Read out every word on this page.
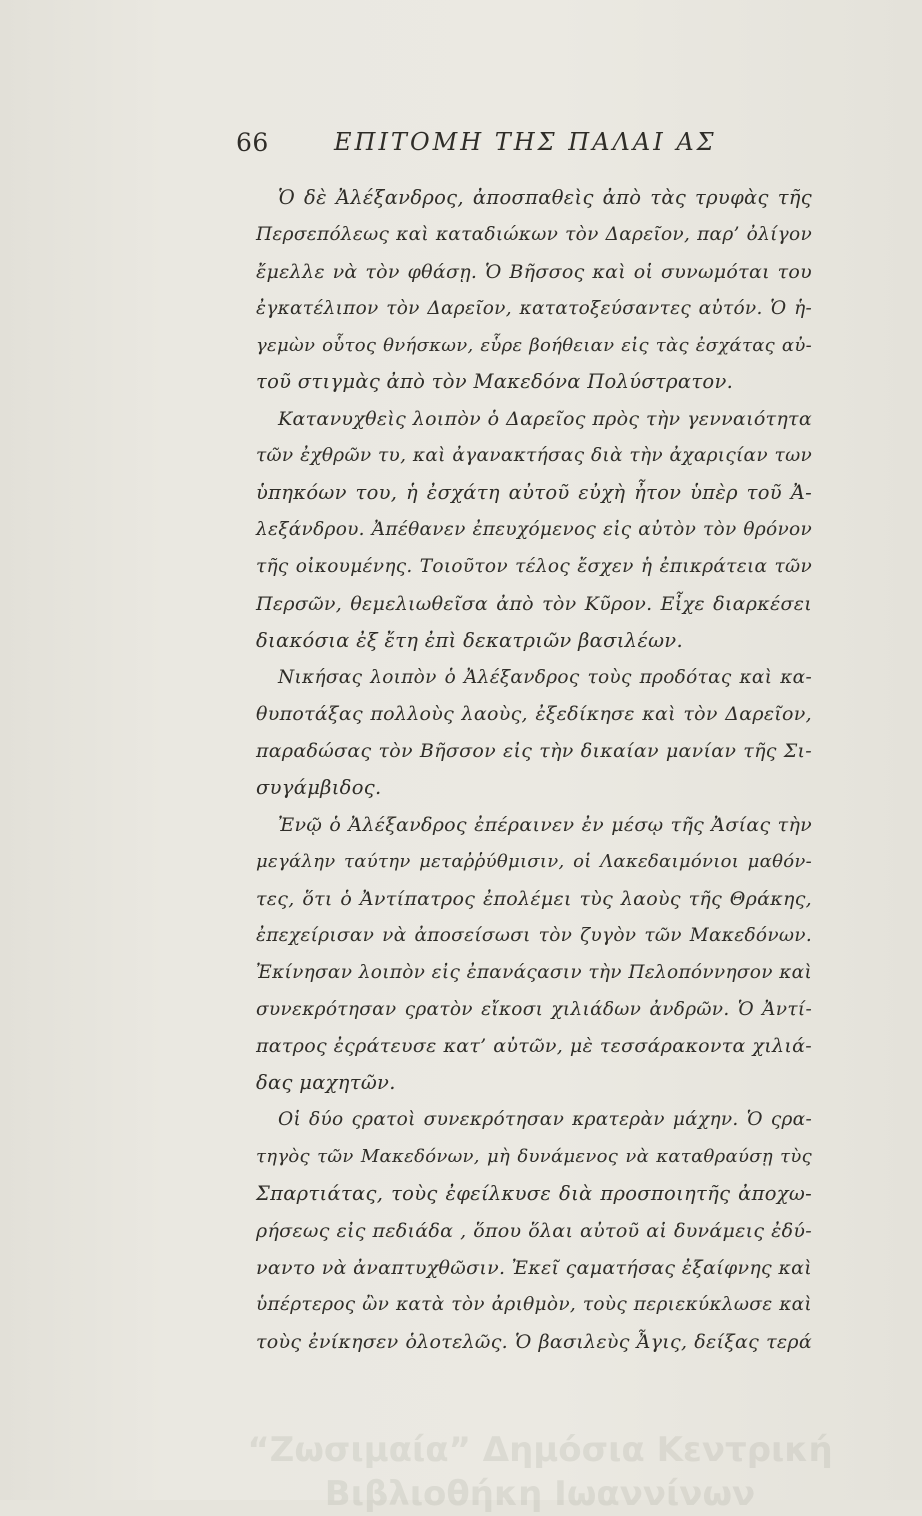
66	ΕΠΙΤΟΜΗ ΤΗΣ ΠΑΛΑΙ ΑΣ
Ὁ δὲ Ἀλέξανδρος, ἀποσπαθεὶς ἀπὸ τὰς τρυφὰς τῆς
Περσεπόλεως καὶ καταδιώκων τὸν Δαρεῖον, παρ’ ὀλίγον
ἔμελλε νὰ τὸν φθάσῃ. Ὁ Βῆσσος καὶ οἱ συνωμόται του
ἐγκατέλιπον τὸν Δαρεῖον, κατατοξεύσαντες αὐτόν. Ὁ ἡ-
γεμὼν οὗτος θνήσκων, εὗρε βοήθειαν εἰς τὰς ἐσχάτας αὐ-
τοῦ στιγμὰς ἀπὸ τὸν Μακεδόνα Πολύστρατον.
Κατανυχθεὶς λοιπὸν ὁ Δαρεῖος πρὸς τὴν γενναιότητα
τῶν ἐχθρῶν τυ, καὶ ἀγανακτήσας διὰ τὴν ἀχαριςίαν των
ὑπηκόων του, ἡ ἐσχάτη αὐτοῦ εὐχὴ ἦτον ὑπὲρ τοῦ Ἀ-
λεξάνδρου. Ἀπέθανεν ἐπευχόμενος εἰς αὐτὸν τὸν θρόνον
τῆς οἰκουμένης. Τοιοῦτον τέλος ἔσχεν ἡ ἐπικράτεια τῶν
Περσῶν, θεμελιωθεῖσα ἀπὸ τὸν Κῦρον. Εἶχε διαρκέσει
διακόσια ἐξ ἔτη ἐπὶ δεκατριῶν βασιλέων.
Νικήσας λοιπὸν ὁ Ἀλέξανδρος τοὺς προδότας καὶ κα-
θυποτάξας πολλοὺς λαοὺς, ἐξεδίκησε καὶ τὸν Δαρεῖον,
παραδώσας τὸν Βῆσσον εἰς τὴν δικαίαν μανίαν τῆς Σι-
συγάμβιδος.
Ἐνῷ ὁ Ἀλέξανδρος ἐπέραινεν ἐν μέσῳ τῆς Ἀσίας τὴν
μεγάλην ταύτην μεταῤῥύθμισιν, οἱ Λακεδαιμόνιοι μαθόν-
τες, ὅτι ὁ Ἀντίπατρος ἐπολέμει τὺς λαοὺς τῆς Θράκης,
ἐπεχείρισαν νὰ ἀποσείσωσι τὸν ζυγὸν τῶν Μακεδόνων.
Ἐκίνησαν λοιπὸν εἰς ἐπανάςασιν τὴν Πελοπόννησον καὶ
συνεκρότησαν ςρατὸν εἴκοσι χιλιάδων ἀνδρῶν. Ὁ Ἀντί-
πατρος ἐςράτευσε κατ’ αὐτῶν, μὲ τεσσάρακοντα χιλιά-
δας μαχητῶν.
Οἱ δύο ςρατοὶ συνεκρότησαν κρατερὰν μάχην. Ὁ ςρα-
τηγὸς τῶν Μακεδόνων, μὴ δυνάμενος νὰ καταθραύσῃ τὺς
Σπαρτιάτας, τοὺς ἐφείλκυσε διὰ προσποιητῆς ἀποχω-
ρήσεως εἰς πεδιάδα , ὅπου ὅλαι αὐτοῦ αἱ δυνάμεις ἐδύ-
ναντο νὰ ἀναπτυχθῶσιν. Ἐκεῖ ςαματήσας ἐξαίφνης καὶ
ὑπέρτερος ὢν κατὰ τὸν ἀριθμὸν, τοὺς περιεκύκλωσε καὶ
τοὺς ἐνίκησεν ὁλοτελῶς. Ὁ βασιλεὺς Ἆγις, δείξας τερά
“Ζωσιμαία” Δημόσια Κεντρική Βιβλιοθήκη Ιωαννίνων
